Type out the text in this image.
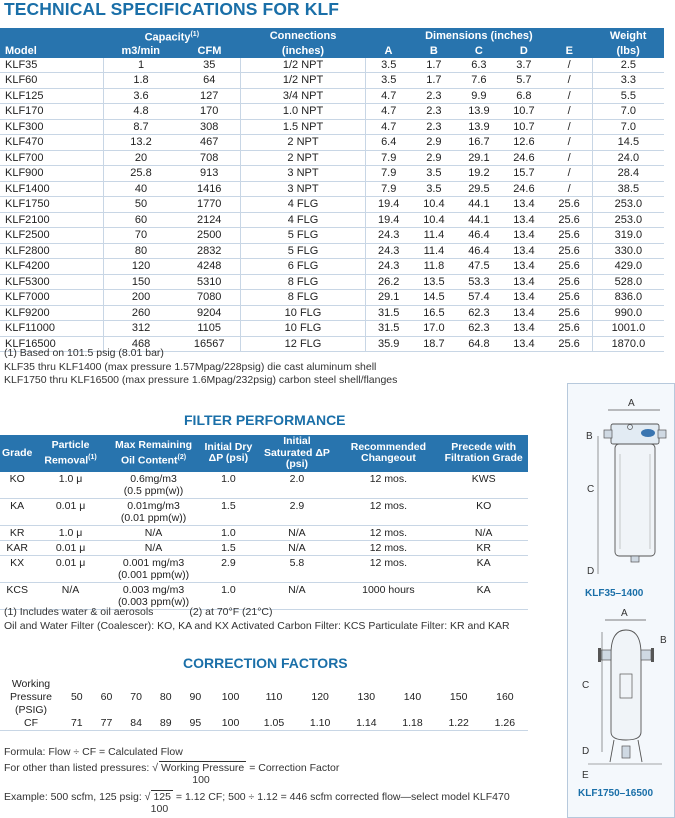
TECHNICAL SPECIFICATIONS FOR KLF
	Capacity$^{(1)}$		Connections	Dimensions (inches)					Weight
Model	m3/min	CFM	(inches)	A	B	C	D	E	(lbs)
KLF35	1	35	1/2 NPT	3.5	1.7	6.3	3.7	/	2.5
KLF60	1.8	64	1/2 NPT	3.5	1.7	7.6	5.7	/	3.3
KLF125	3.6	127	3/4 NPT	4.7	2.3	9.9	6.8	/	5.5
KLF170	4.8	170	1.0 NPT	4.7	2.3	13.9	10.7	/	7.0
KLF300	8.7	308	1.5 NPT	4.7	2.3	13.9	10.7	/	7.0
KLF470	13.2	467	2 NPT	6.4	2.9	16.7	12.6	/	14.5
KLF700	20	708	2 NPT	7.9	2.9	29.1	24.6	/	24.0
KLF900	25.8	913	3 NPT	7.9	3.5	19.2	15.7	/	28.4
KLF1400	40	1416	3 NPT	7.9	3.5	29.5	24.6	/	38.5
KLF1750	50	1770	4 FLG	19.4	10.4	44.1	13.4	25.6	253.0
KLF2100	60	2124	4 FLG	19.4	10.4	44.1	13.4	25.6	253.0
KLF2500	70	2500	5 FLG	24.3	11.4	46.4	13.4	25.6	319.0
KLF2800	80	2832	5 FLG	24.3	11.4	46.4	13.4	25.6	330.0
KLF4200	120	4248	6 FLG	24.3	11.8	47.5	13.4	25.6	429.0
KLF5300	150	5310	8 FLG	26.2	13.5	53.3	13.4	25.6	528.0
KLF7000	200	7080	8 FLG	29.1	14.5	57.4	13.4	25.6	836.0
KLF9200	260	9204	10 FLG	31.5	16.5	62.3	13.4	25.6	990.0
KLF11000	312	1105	10 FLG	31.5	17.0	62.3	13.4	25.6	1001.0
KLF16500	468	16567	12 FLG	35.9	18.7	64.8	13.4	25.6	1870.0
(1) Based on 101.5 psig (8.01 bar)
KLF35 thru KLF1400 (max pressure 1.57Mpag/228psig) die cast aluminum shell
KLF1750 thru KLF16500 (max pressure 1.6Mpag/232psig) carbon steel shell/flanges
FILTER PERFORMANCE
Grade	Particle Removal$^{(1)}$	Max Remaining Oil Content$^{(2)}$	Initial Dry ΔP (psi)	Initial Saturated ΔP (psi)	Recommended Changeout	Precede with Filtration Grade
KO	1.0 μ	0.6mg/m3
(0.5 ppm(w))	1.0	2.0	12 mos.	KWS
KA	0.01 μ	0.01mg/m3
(0.01 ppm(w))	1.5	2.9	12 mos.	KO
KR	1.0 μ	N/A	1.0	N/A	12 mos.	N/A
KAR	0.01 μ	N/A	1.5	N/A	12 mos.	KR
KX	0.01 μ	0.001 mg/m3
(0.001 ppm(w))	2.9	5.8	12 mos.	KA
KCS	N/A	0.003 mg/m3
(0.003 ppm(w))	1.0	N/A	1000 hours	KA
(1) Includes water & oil aerosols	(2) at 70°F (21°C)
Oil and Water Filter (Coalescer): KO, KA and KX Activated Carbon Filter: KCS Particulate Filter: KR and KAR
CORRECTION FACTORS
Working
Pressure
(PSIG)	50	60	70	80	90	100	110	120	130	140	150	160
CF	71	77	84	89	95	100	1.05	1.10	1.14	1.18	1.22	1.26
Formula: Flow ÷ CF = Calculated Flow
For other than listed pressures: √ Working Pressure
100
= Correction Factor
Example: 500 scfm, 125 psig: √ 125
100
= 1.12 CF; 500 ÷ 1.12 = 446 scfm corrected flow—select model KLF470
A
B
C
D
KLF35–1400
A
B
C
D
E
KLF1750–16500
